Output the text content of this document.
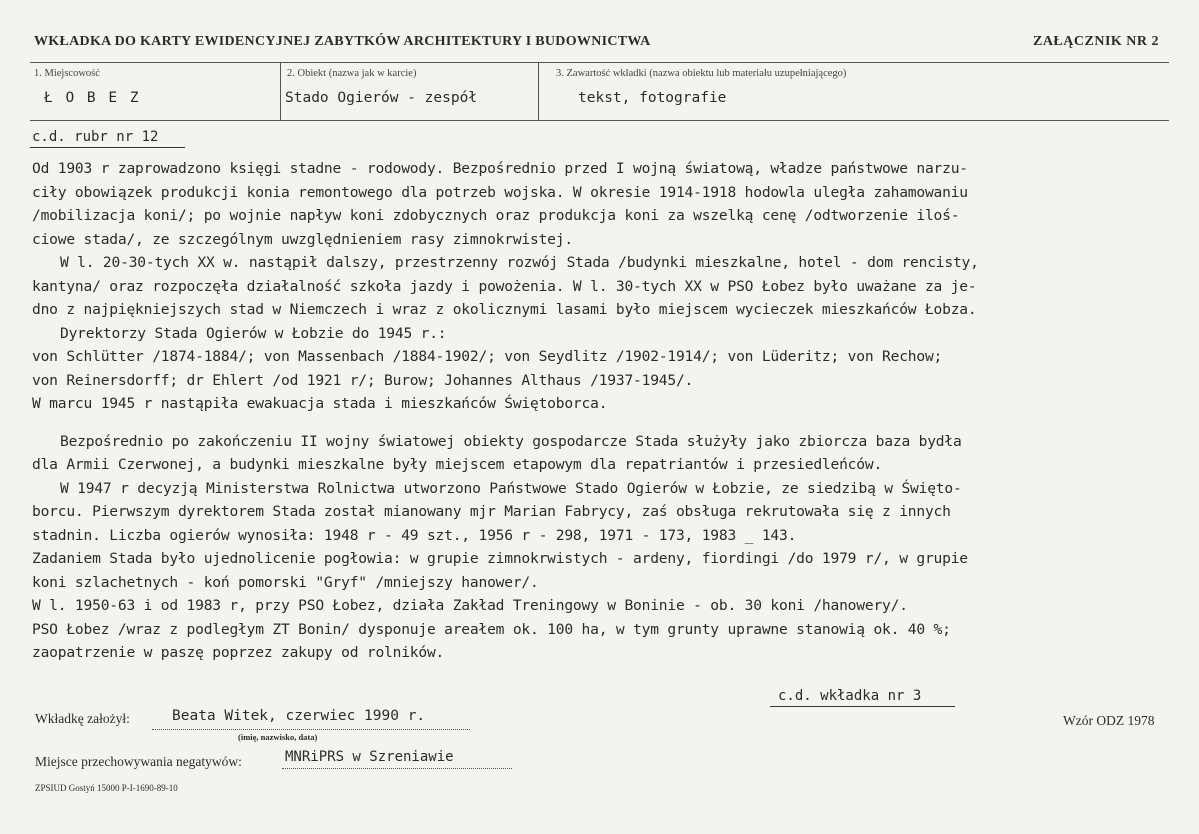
WKŁADKA DO KARTY EWIDENCYJNEJ ZABYTKÓW ARCHITEKTURY I BUDOWNICTWA	ZAŁĄCZNIK NR 2
1. Miejscowość
Ł O B E Z
2. Obiekt (nazwa jak w karcie)
Stado Ogierów - zespół
3. Zawartość wkładki (nazwa obiektu lub materiału uzupełniającego)
tekst, fotografie
c.d. rubr nr 12

Od 1903 r zaprowadzono księgi stadne - rodowody. Bezpośrednio przed I wojną światową, władze państwowe narzu-

ciły obowiązek produkcji konia remontowego dla potrzeb wojska. W okresie 1914-1918 hodowla uległa zahamowaniu

/mobilizacja koni/; po wojnie napływ koni zdobycznych oraz produkcja koni za wszelką cenę /odtworzenie iloś-

ciowe stada/, ze szczególnym uwzględnieniem rasy zimnokrwistej.

W l. 20-30-tych XX w. nastąpił dalszy, przestrzenny rozwój Stada /budynki mieszkalne, hotel - dom rencisty,

kantyna/ oraz rozpoczęła działalność szkoła jazdy i powożenia. W l. 30-tych XX w PSO Łobez było uważane za je-

dno z najpiękniejszych stad w Niemczech i wraz z okolicznymi lasami było miejscem wycieczek mieszkańców Łobza.

Dyrektorzy Stada Ogierów w Łobzie do 1945 r.:

von Schlütter /1874-1884/; von Massenbach /1884-1902/; von Seydlitz /1902-1914/; von Lüderitz; von Rechow;

von Reinersdorff; dr Ehlert /od 1921 r/; Burow; Johannes Althaus /1937-1945/.

W marcu 1945 r nastąpiła ewakuacja stada i mieszkańców Świętoborca.

Bezpośrednio po zakończeniu II wojny światowej obiekty gospodarcze Stada służyły jako zbiorcza baza bydła

dla Armii Czerwonej, a budynki mieszkalne były miejscem etapowym dla repatriantów i przesiedleńców.

W 1947 r decyzją Ministerstwa Rolnictwa utworzono Państwowe Stado Ogierów w Łobzie, ze siedzibą w Święto-

borcu. Pierwszym dyrektorem Stada został mianowany mjr Marian Fabrycy, zaś obsługa rekrutowała się z innych

stadnin. Liczba ogierów wynosiła: 1948 r - 49 szt., 1956 r - 298, 1971 - 173, 1983 _ 143.

Zadaniem Stada było ujednolicenie pogłowia: w grupie zimnokrwistych - ardeny, fiordingi /do 1979 r/, w grupie

koni szlachetnych - koń pomorski "Gryf" /mniejszy hanower/.

W l. 1950-63 i od 1983 r, przy PSO Łobez, działa Zakład Treningowy w Boninie - ob. 30 koni /hanowery/.

PSO Łobez /wraz z podległym ZT Bonin/ dysponuje areałem ok. 100 ha, w tym grunty uprawne stanowią ok. 40 %;

zaopatrzenie w paszę poprzez zakupy od rolników.

c.d. wkładka nr 3
Wkładkę założył:	Beata Witek, czerwiec 1990 r.
(imię, nazwisko, data)
Wzór ODZ 1978
Miejsce przechowywania negatywów:	MNRiPRS w Szreniawie
ZPSIUD Gostyń 15000 P-I-1690-89-10
